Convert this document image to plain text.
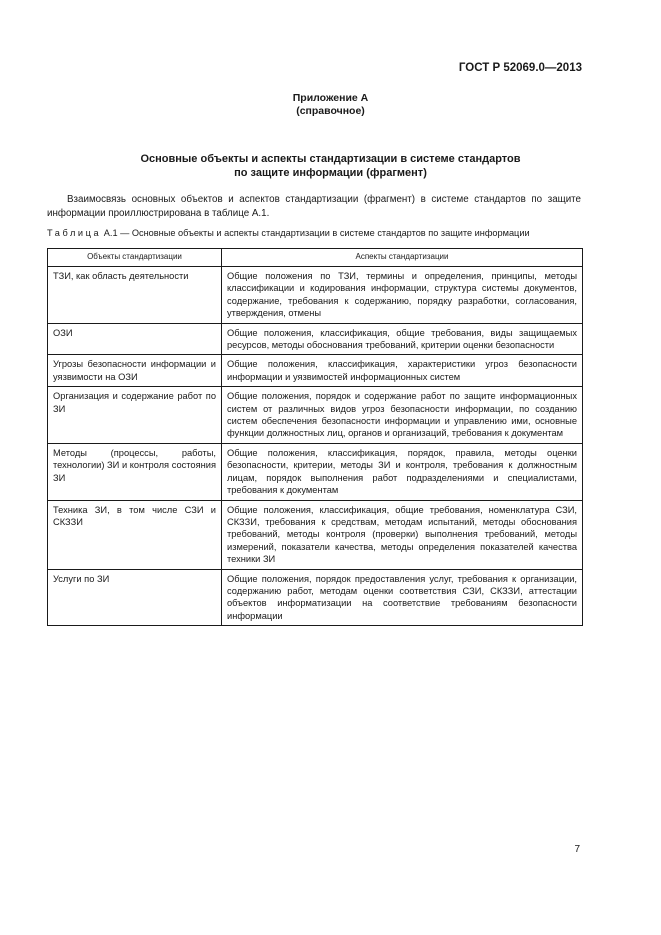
ГОСТ Р 52069.0—2013
Приложение А
(справочное)
Основные объекты и аспекты стандартизации в системе стандартов
по защите информации (фрагмент)
Взаимосвязь основных объектов и аспектов стандартизации (фрагмент) в системе стандартов по защите информации проиллюстрирована в таблице А.1.
Таблица А.1 — Основные объекты и аспекты стандартизации в системе стандартов по защите информации
Объекты стандартизации	Аспекты стандартизации
ТЗИ, как область деятельности	Общие положения по ТЗИ, термины и определения, принципы, методы классификации и кодирования информации, структура системы документов, содержание, требования к содержанию, порядку разработки, согласования, утверждения, отмены
ОЗИ	Общие положения, классификация, общие требования, виды защищаемых ресурсов, методы обоснования требований, критерии оценки безопасности
Угрозы безопасности информации и уязвимости на ОЗИ	Общие положения, классификация, характеристики угроз безопасности информации и уязвимостей информационных систем
Организация и содержание работ по ЗИ	Общие положения, порядок и содержание работ по защите информационных систем от различных видов угроз безопасности информации, по созданию систем обеспечения безопасности информации и управлению ими, основные функции должностных лиц, органов и организаций, требования к документам
Методы (процессы, работы, технологии) ЗИ и контроля состояния ЗИ	Общие положения, классификация, порядок, правила, методы оценки безопасности, критерии, методы ЗИ и контроля, требования к должностным лицам, порядок выполнения работ подразделениями и специалистами, требования к документам
Техника ЗИ, в том числе СЗИ и СКЗЗИ	Общие положения, классификация, общие требования, номенклатура СЗИ, СКЗЗИ, требования к средствам, методам испытаний, методы обоснования требований, методы контроля (проверки) выполнения требований, методы измерений, показатели качества, методы определения показателей качества техники ЗИ
Услуги по ЗИ	Общие положения, порядок предоставления услуг, требования к организации, содержанию работ, методам оценки соответствия СЗИ, СКЗЗИ, аттестации объектов информатизации на соответствие требованиям безопасности информации
7
